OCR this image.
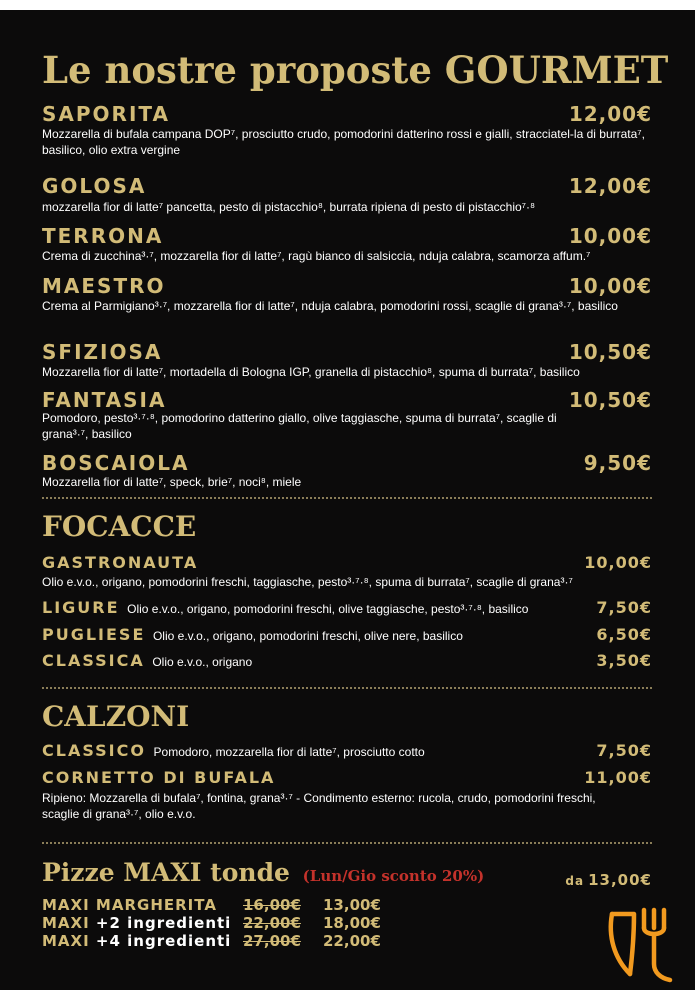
Le nostre proposte GOURMET
SAPORITA	12,00€
Mozzarella di bufala campana DOP⁷, prosciutto crudo, pomodorini datterino rossi e gialli, stracciatel-la di burrata⁷, basilico, olio extra vergine
GOLOSA	12,00€
mozzarella fior di latte⁷ pancetta, pesto di pistacchio⁸, burrata ripiena di pesto di pistacchio⁷·⁸
TERRONA	10,00€
Crema di zucchina³·⁷, mozzarella fior di latte⁷, ragù bianco di salsiccia, nduja calabra, scamorza affum.⁷
MAESTRO	10,00€
Crema al Parmigiano³·⁷, mozzarella fior di latte⁷, nduja calabra, pomodorini rossi, scaglie di grana³·⁷, basilico
SFIZIOSA	10,50€
Mozzarella fior di latte⁷, mortadella di Bologna IGP, granella di pistacchio⁸, spuma di burrata⁷, basilico
FANTASIA	10,50€
Pomodoro, pesto³·⁷·⁸, pomodorino datterino giallo, olive taggiasche, spuma di burrata⁷, scaglie di grana³·⁷, basilico
BOSCAIOLA	9,50€
Mozzarella fior di latte⁷, speck, brie⁷, noci⁸, miele
FOCACCE
GASTRONAUTA	10,00€
Olio e.v.o., origano, pomodorini freschi, taggiasche, pesto³·⁷·⁸, spuma di burrata⁷, scaglie di grana³·⁷
LIGURE Olio e.v.o., origano, pomodorini freschi, olive taggiasche, pesto³·⁷·⁸, basilico	7,50€
PUGLIESE Olio e.v.o., origano, pomodorini freschi, olive nere, basilico	6,50€
CLASSICA Olio e.v.o., origano	3,50€
CALZONI
CLASSICO Pomodoro, mozzarella fior di latte⁷, prosciutto cotto	7,50€
CORNETTO DI BUFALA	11,00€
Ripieno: Mozzarella di bufala⁷, fontina, grana³·⁷ - Condimento esterno: rucola, crudo, pomodorini freschi, scaglie di grana³·⁷, olio e.v.o.
Pizze MAXI tonde (Lun/Gio sconto 20%)	da 13,00€
MAXI MARGHERITA 16,00€ 13,00€
MAXI +2 ingredienti 22,00€ 18,00€
MAXI +4 ingredienti 27,00€ 22,00€
